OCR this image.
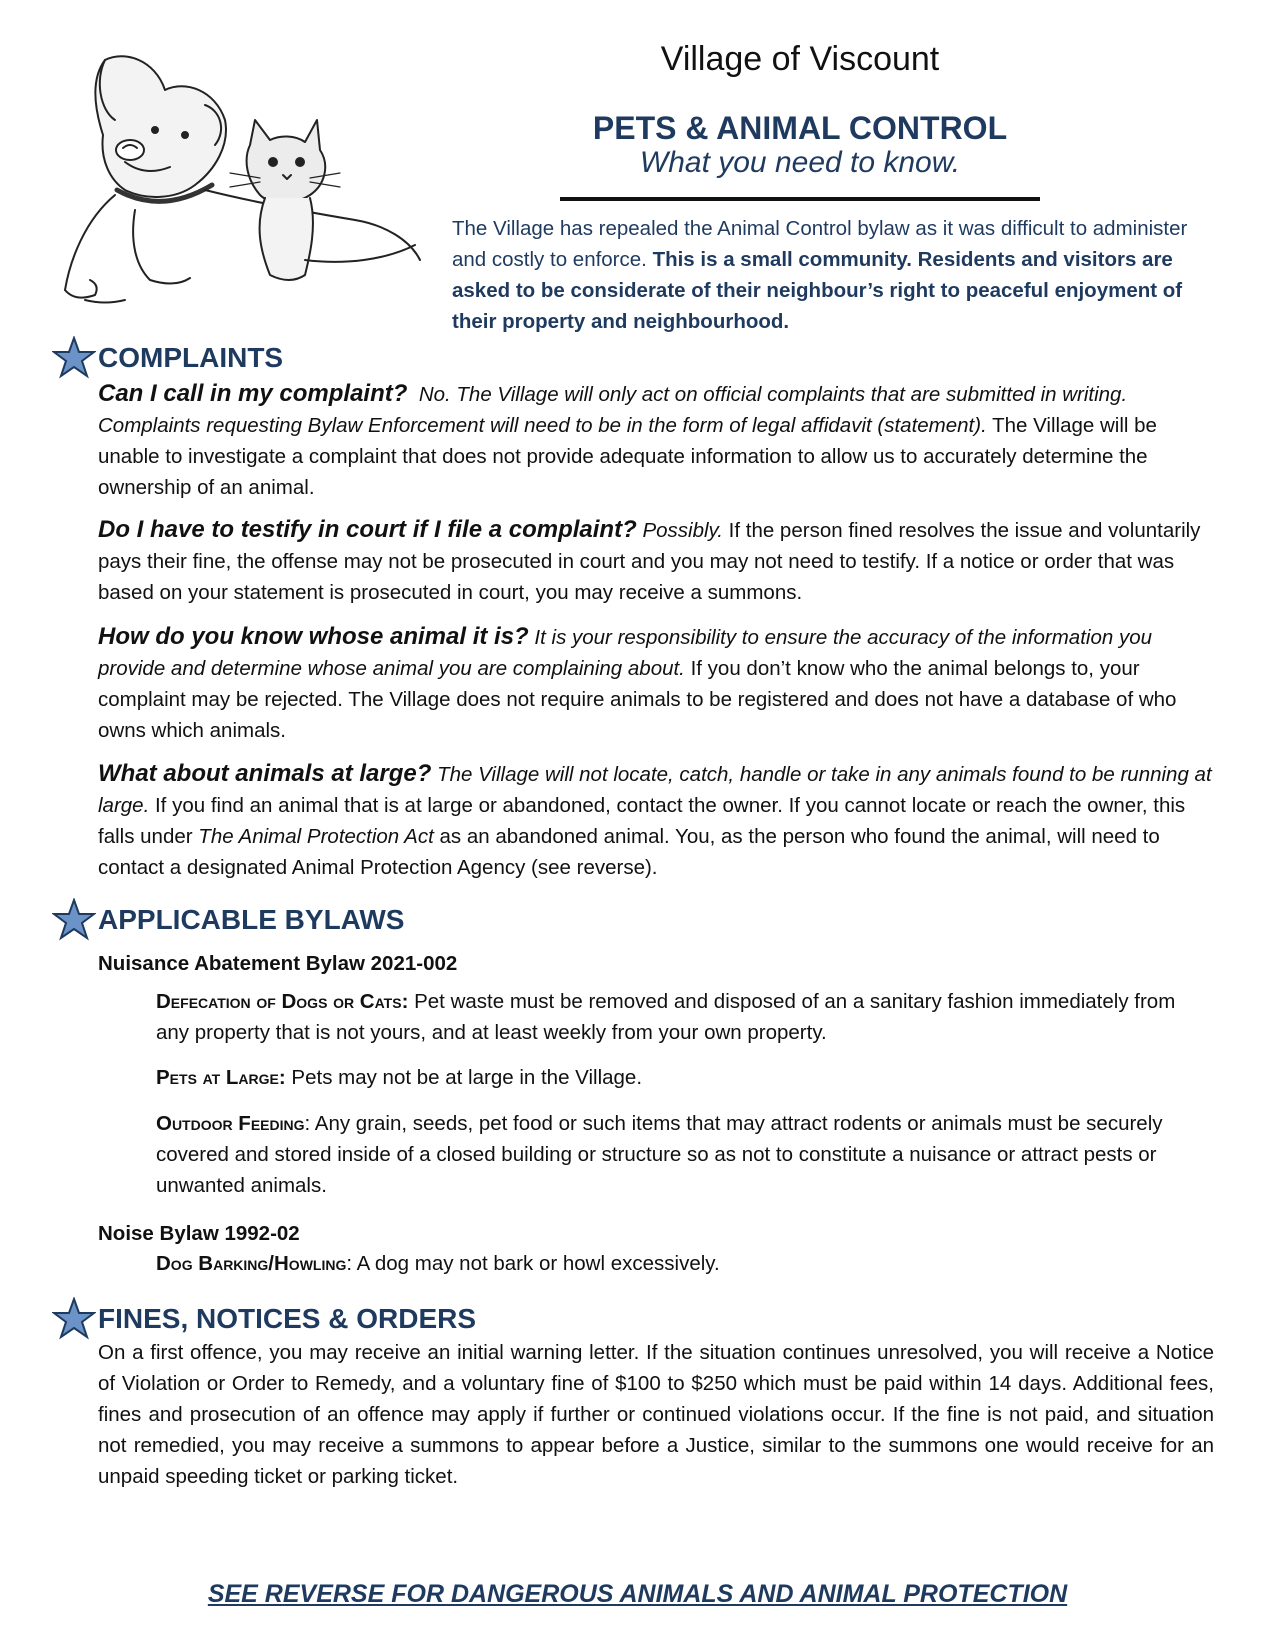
Village of Viscount
PETS & ANIMAL CONTROL
What you need to know.
The Village has repealed the Animal Control bylaw as it was difficult to administer and costly to enforce. This is a small community. Residents and visitors are asked to be considerate of their neighbour’s right to peaceful enjoyment of their property and neighbourhood.
COMPLAINTS
Can I call in my complaint? No. The Village will only act on official complaints that are submitted in writing. Complaints requesting Bylaw Enforcement will need to be in the form of legal affidavit (statement). The Village will be unable to investigate a complaint that does not provide adequate information to allow us to accurately determine the ownership of an animal.
Do I have to testify in court if I file a complaint? Possibly. If the person fined resolves the issue and voluntarily pays their fine, the offense may not be prosecuted in court and you may not need to testify. If a notice or order that was based on your statement is prosecuted in court, you may receive a summons.
How do you know whose animal it is? It is your responsibility to ensure the accuracy of the information you provide and determine whose animal you are complaining about. If you don’t know who the animal belongs to, your complaint may be rejected. The Village does not require animals to be registered and does not have a database of who owns which animals.
What about animals at large? The Village will not locate, catch, handle or take in any animals found to be running at large. If you find an animal that is at large or abandoned, contact the owner. If you cannot locate or reach the owner, this falls under The Animal Protection Act as an abandoned animal. You, as the person who found the animal, will need to contact a designated Animal Protection Agency (see reverse).
APPLICABLE BYLAWS
Nuisance Abatement Bylaw 2021-002
Defecation of Dogs or Cats: Pet waste must be removed and disposed of an a sanitary fashion immediately from any property that is not yours, and at least weekly from your own property.
Pets at Large: Pets may not be at large in the Village.
Outdoor Feeding: Any grain, seeds, pet food or such items that may attract rodents or animals must be securely covered and stored inside of a closed building or structure so as not to constitute a nuisance or attract pests or unwanted animals.
Noise Bylaw 1992-02
Dog Barking/Howling: A dog may not bark or howl excessively.
FINES, NOTICES & ORDERS
On a first offence, you may receive an initial warning letter. If the situation continues unresolved, you will receive a Notice of Violation or Order to Remedy, and a voluntary fine of $100 to $250 which must be paid within 14 days. Additional fees, fines and prosecution of an offence may apply if further or continued violations occur. If the fine is not paid, and situation not remedied, you may receive a summons to appear before a Justice, similar to the summons one would receive for an unpaid speeding ticket or parking ticket.
SEE REVERSE FOR DANGEROUS ANIMALS AND ANIMAL PROTECTION
